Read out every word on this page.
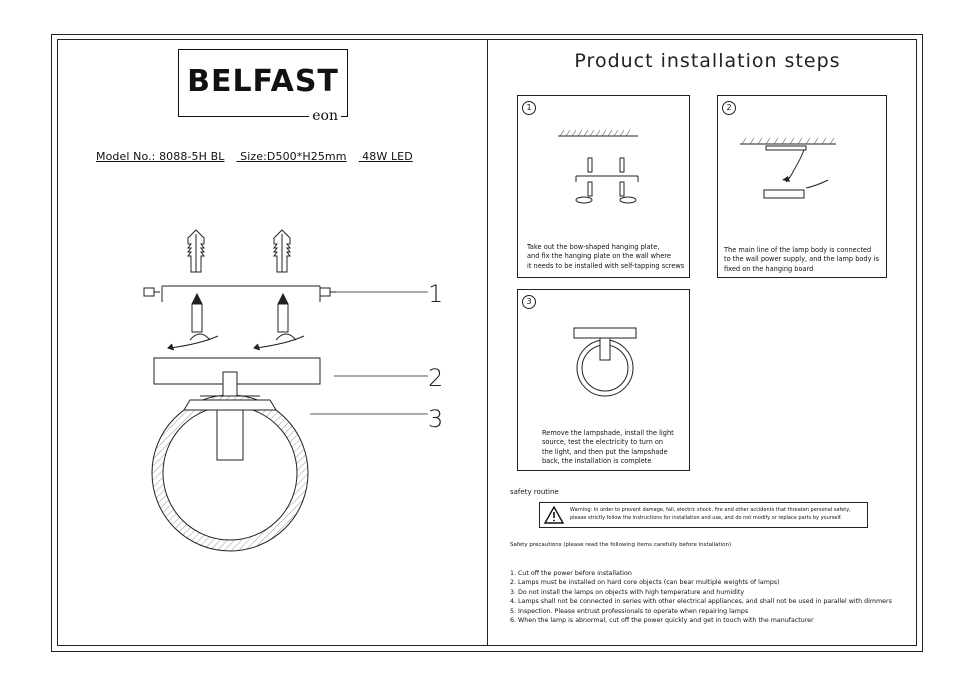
BELFAST
eon
Model No.: 8088-5H BL Size:D500*H25mm 48W LED
1
2
3
Product installation steps
1
Take out the bow-shaped hanging plate,
and fix the hanging plate on the wall where
it needs to be installed with self-tapping screws
2
The main line of the lamp body is connected
to the wall power supply, and the lamp body is
fixed on the hanging board
3
Remove the lampshade, install the light
source, test the electricity to turn on
the light, and then put the lampshade
back, the installation is complete
safety routine
Warning: In order to prevent damage, fall, electric shock, fire and other accidents that threaten personal safety, please strictly follow the instructions for installation and use, and do not modify or replace parts by yourself.
Safety precautions (please read the following items carefully before installation)
1. Cut off the power before installation
2. Lamps must be installed on hard core objects (can bear multiple weights of lamps)
3. Do not install the lamps on objects with high temperature and humidity
4. Lamps shall not be connected in series with other electrical appliances, and shall not be used in parallel with dimmers
5. Inspection. Please entrust professionals to operate when repairing lamps
6. When the lamp is abnormal, cut off the power quickly and get in touch with the manufacturer
